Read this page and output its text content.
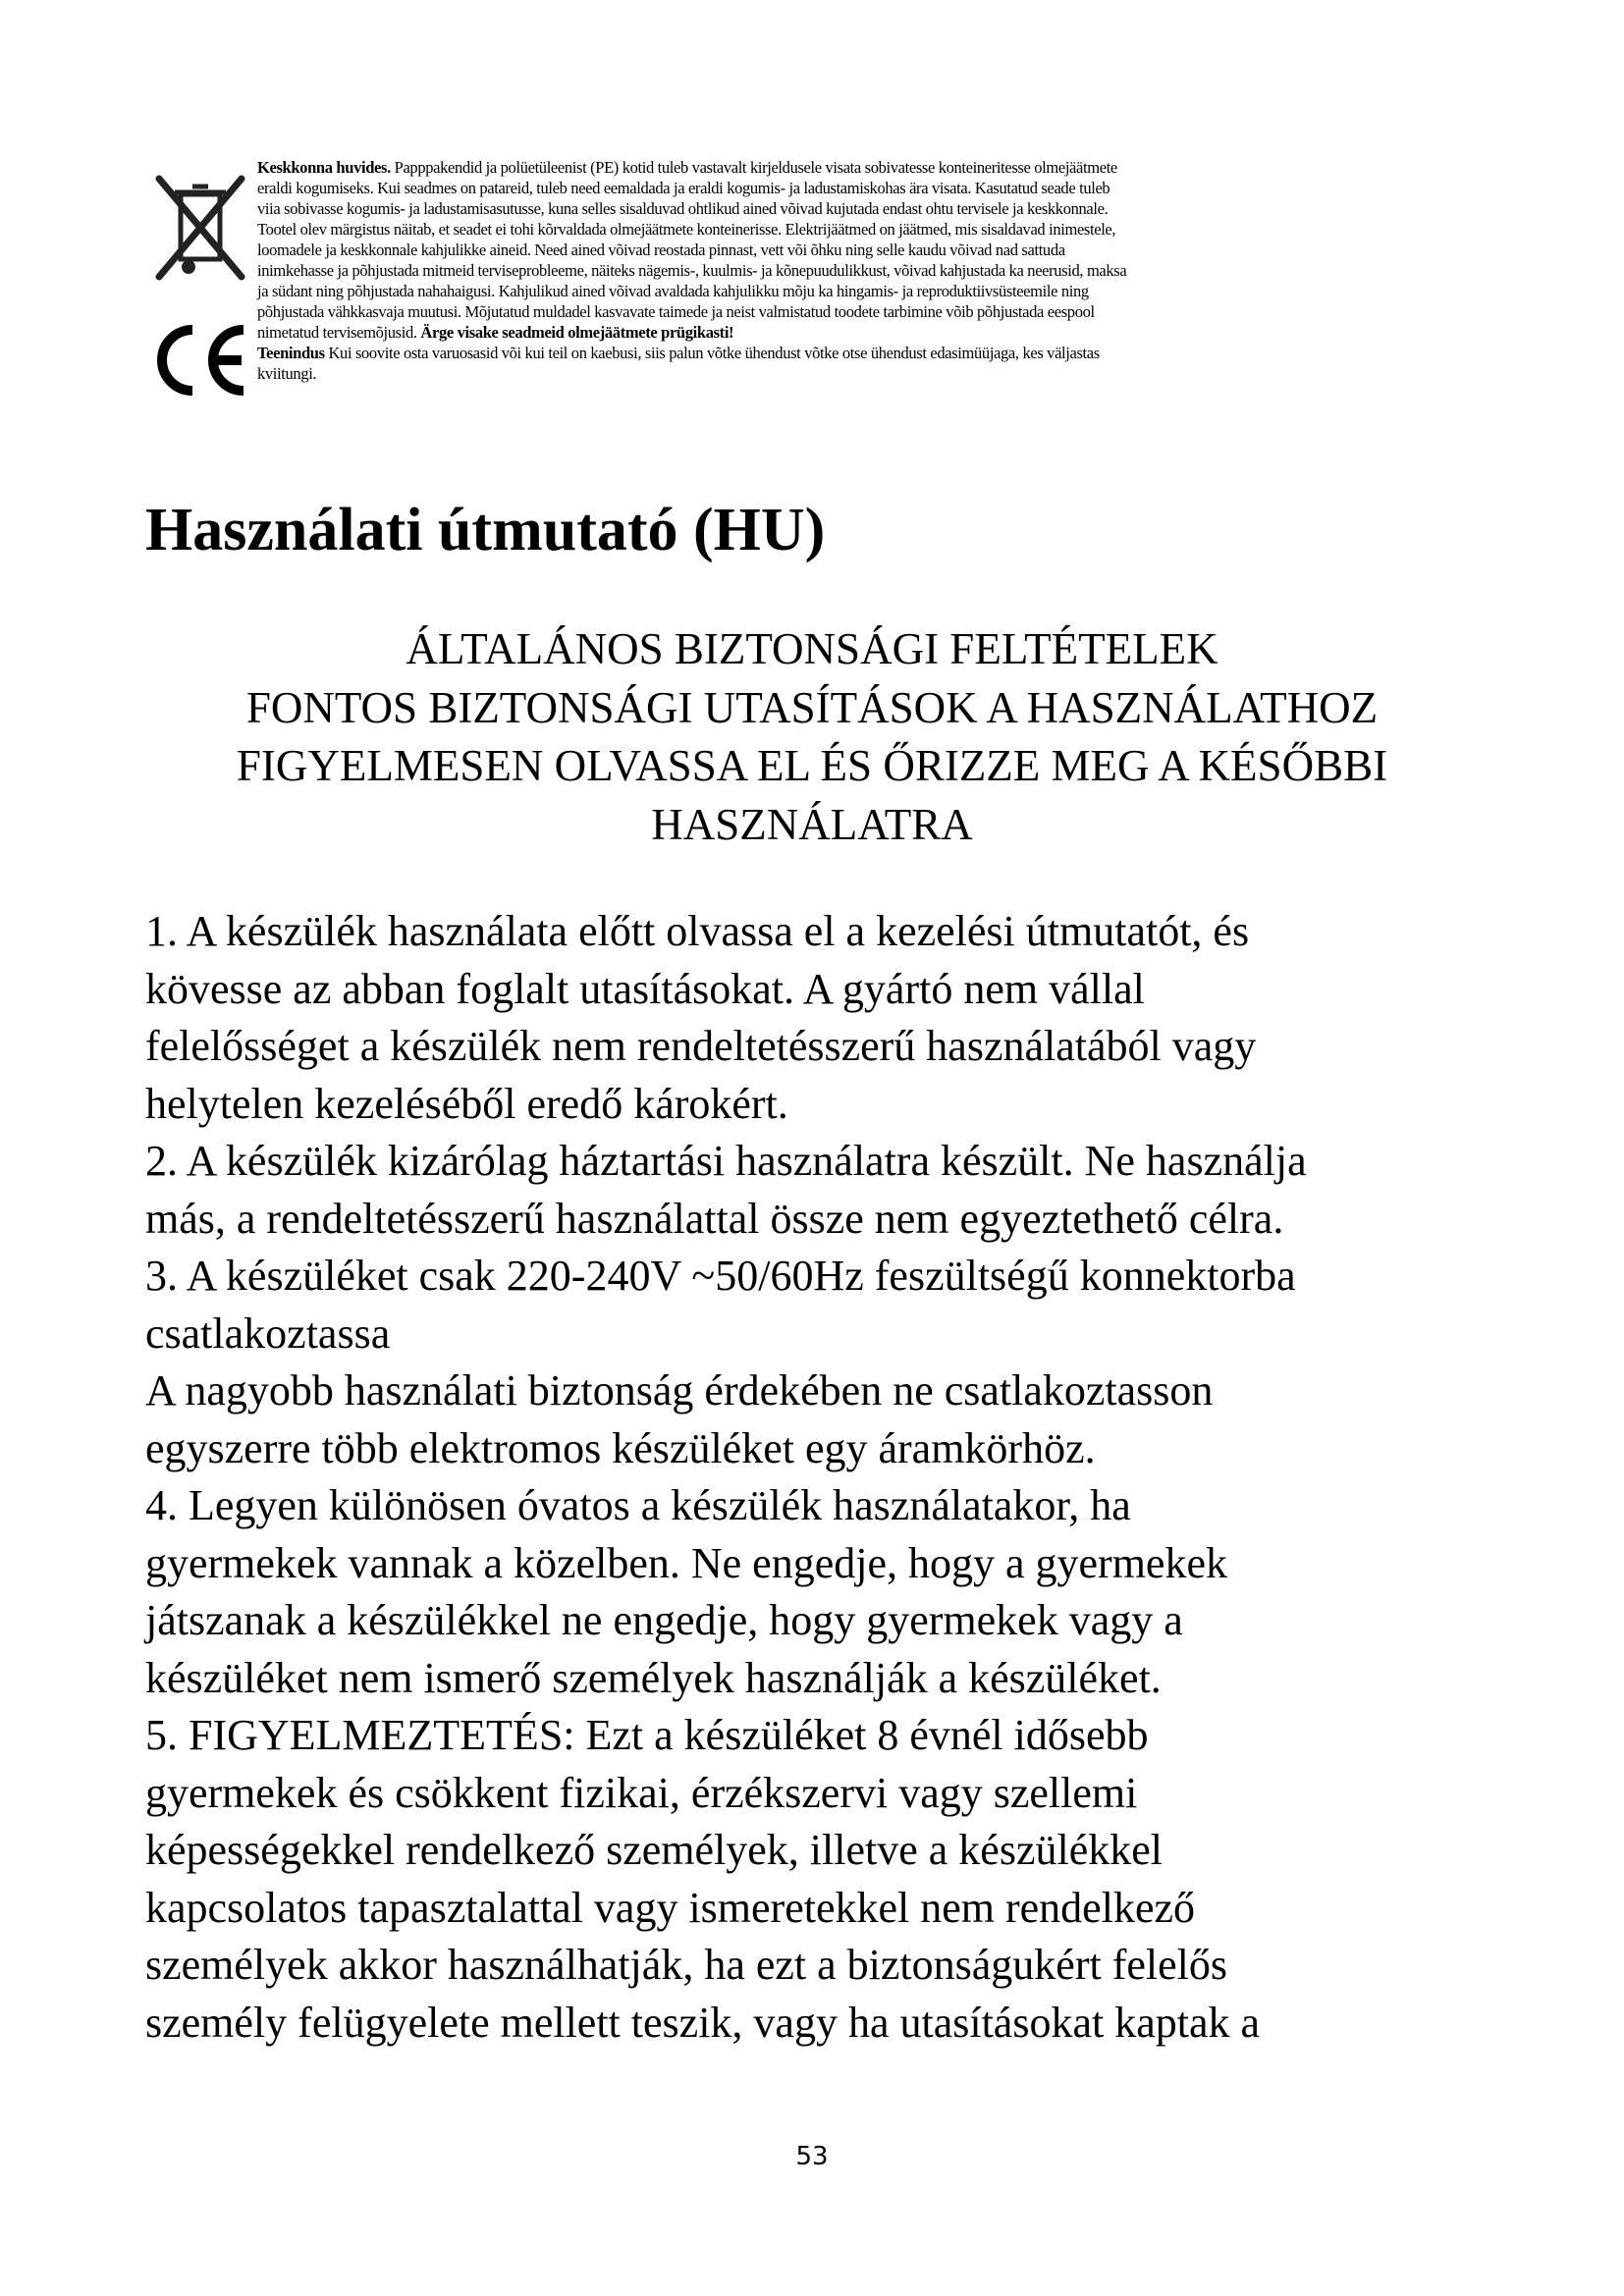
Keskkonna huvides. Papppakendid ja polüetüleenist (PE) kotid tuleb vastavalt kirjeldusele visata sobivatesse konteineritesse olmejäätmete
eraldi kogumiseks. Kui seadmes on patareid, tuleb need eemaldada ja eraldi kogumis- ja ladustamiskohas ära visata. Kasutatud seade tuleb
viia sobivasse kogumis- ja ladustamisasutusse, kuna selles sisalduvad ohtlikud ained võivad kujutada endast ohtu tervisele ja keskkonnale.
Tootel olev märgistus näitab, et seadet ei tohi kõrvaldada olmejäätmete konteinerisse. Elektrijäätmed on jäätmed, mis sisaldavad inimestele,
loomadele ja keskkonnale kahjulikke aineid. Need ained võivad reostada pinnast, vett või õhku ning selle kaudu võivad nad sattuda
inimkehasse ja põhjustada mitmeid terviseprobleeme, näiteks nägemis-, kuulmis- ja kõnepuudulikkust, võivad kahjustada ka neerusid, maksa
ja südant ning põhjustada nahahaigusi. Kahjulikud ained võivad avaldada kahjulikku mõju ka hingamis- ja reproduktiivsüsteemile ning
põhjustada vähkkasvaja muutusi. Mõjutatud muldadel kasvavate taimede ja neist valmistatud toodete tarbimine võib põhjustada eespool
nimetatud tervisemõjusid. Ärge visake seadmeid olmejäätmete prügikasti!
Teenindus Kui soovite osta varuosasid või kui teil on kaebusi, siis palun võtke ühendust võtke otse ühendust edasimüüjaga, kes väljastas
kviitungi.
Használati útmutató (HU)
ÁLTALÁNOS BIZTONSÁGI FELTÉTELEK
FONTOS BIZTONSÁGI UTASÍTÁSOK A HASZNÁLATHOZ
FIGYELMESEN OLVASSA EL ÉS ŐRIZZE MEG A KÉSŐBBI
HASZNÁLATRA
1. A készülék használata előtt olvassa el a kezelési útmutatót, és
kövesse az abban foglalt utasításokat. A gyártó nem vállal
felelősséget a készülék nem rendeltetésszerű használatából vagy
helytelen kezeléséből eredő károkért.
2. A készülék kizárólag háztartási használatra készült. Ne használja
más, a rendeltetésszerű használattal össze nem egyeztethető célra.
3. A készüléket csak 220-240V ~50/60Hz feszültségű konnektorba
csatlakoztassa
A nagyobb használati biztonság érdekében ne csatlakoztasson
egyszerre több elektromos készüléket egy áramkörhöz.
4. Legyen különösen óvatos a készülék használatakor, ha
gyermekek vannak a közelben. Ne engedje, hogy a gyermekek
játszanak a készülékkel ne engedje, hogy gyermekek vagy a
készüléket nem ismerő személyek használják a készüléket.
5. FIGYELMEZTETÉS: Ezt a készüléket 8 évnél idősebb
gyermekek és csökkent fizikai, érzékszervi vagy szellemi
képességekkel rendelkező személyek, illetve a készülékkel
kapcsolatos tapasztalattal vagy ismeretekkel nem rendelkező
személyek akkor használhatják, ha ezt a biztonságukért felelős
személy felügyelete mellett teszik, vagy ha utasításokat kaptak a
53
